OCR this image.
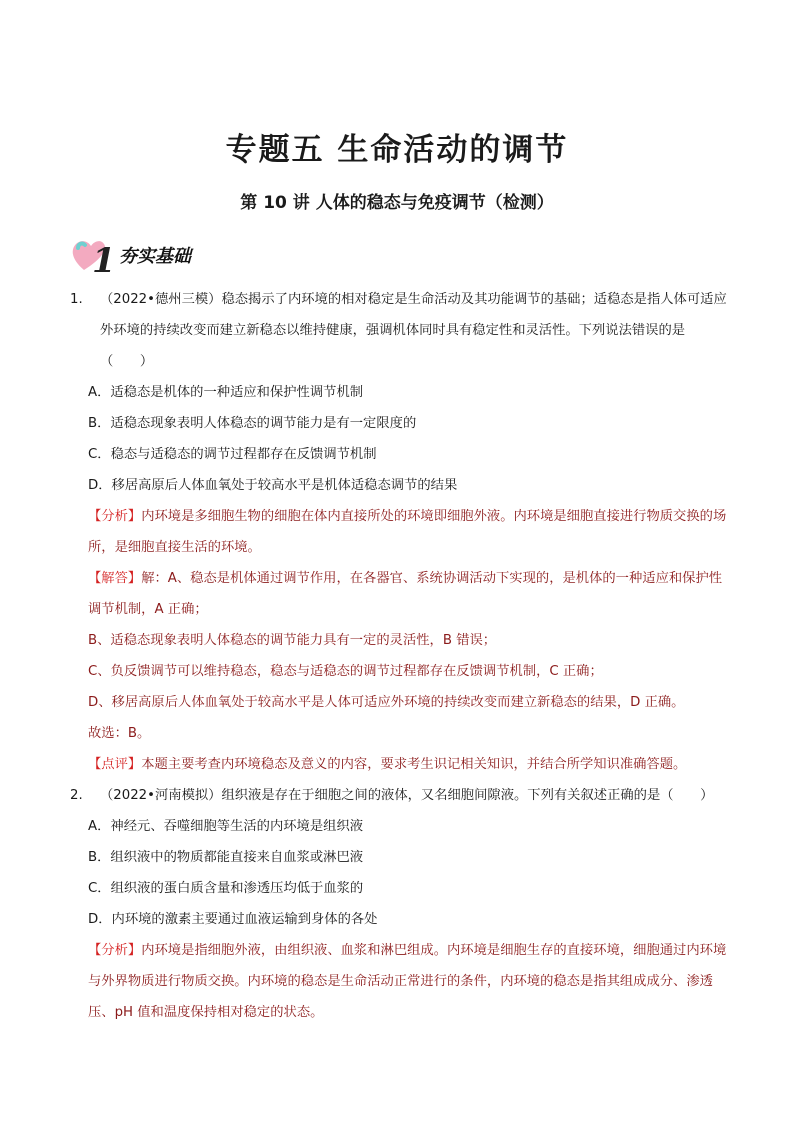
专题五 生命活动的调节
第 10 讲 人体的稳态与免疫调节（检测）
1 夯实基础
1. （2022•德州三模）稳态揭示了内环境的相对稳定是生命活动及其功能调节的基础；适稳态是指人体可适应外环境的持续改变而建立新稳态以维持健康，强调机体同时具有稳定性和灵活性。下列说法错误的是（　　）
A．适稳态是机体的一种适应和保护性调节机制
B．适稳态现象表明人体稳态的调节能力是有一定限度的
C．稳态与适稳态的调节过程都存在反馈调节机制
D．移居高原后人体血氧处于较高水平是机体适稳态调节的结果
【分析】内环境是多细胞生物的细胞在体内直接所处的环境即细胞外液。内环境是细胞直接进行物质交换的场所，是细胞直接生活的环境。
【解答】解：A、稳态是机体通过调节作用，在各器官、系统协调活动下实现的，是机体的一种适应和保护性调节机制，A 正确；
B、适稳态现象表明人体稳态的调节能力具有一定的灵活性，B 错误；
C、负反馈调节可以维持稳态，稳态与适稳态的调节过程都存在反馈调节机制，C 正确；
D、移居高原后人体血氧处于较高水平是人体可适应外环境的持续改变而建立新稳态的结果，D 正确。
故选：B。
【点评】本题主要考查内环境稳态及意义的内容，要求考生识记相关知识，并结合所学知识准确答题。
2. （2022•河南模拟）组织液是存在于细胞之间的液体，又名细胞间隙液。下列有关叙述正确的是（　　）
A．神经元、吞噬细胞等生活的内环境是组织液
B．组织液中的物质都能直接来自血浆或淋巴液
C．组织液的蛋白质含量和渗透压均低于血浆的
D．内环境的激素主要通过血液运输到身体的各处
【分析】内环境是指细胞外液，由组织液、血浆和淋巴组成。内环境是细胞生存的直接环境，细胞通过内环境与外界物质进行物质交换。内环境的稳态是生命活动正常进行的条件，内环境的稳态是指其组成成分、渗透压、pH 值和温度保持相对稳定的状态。
